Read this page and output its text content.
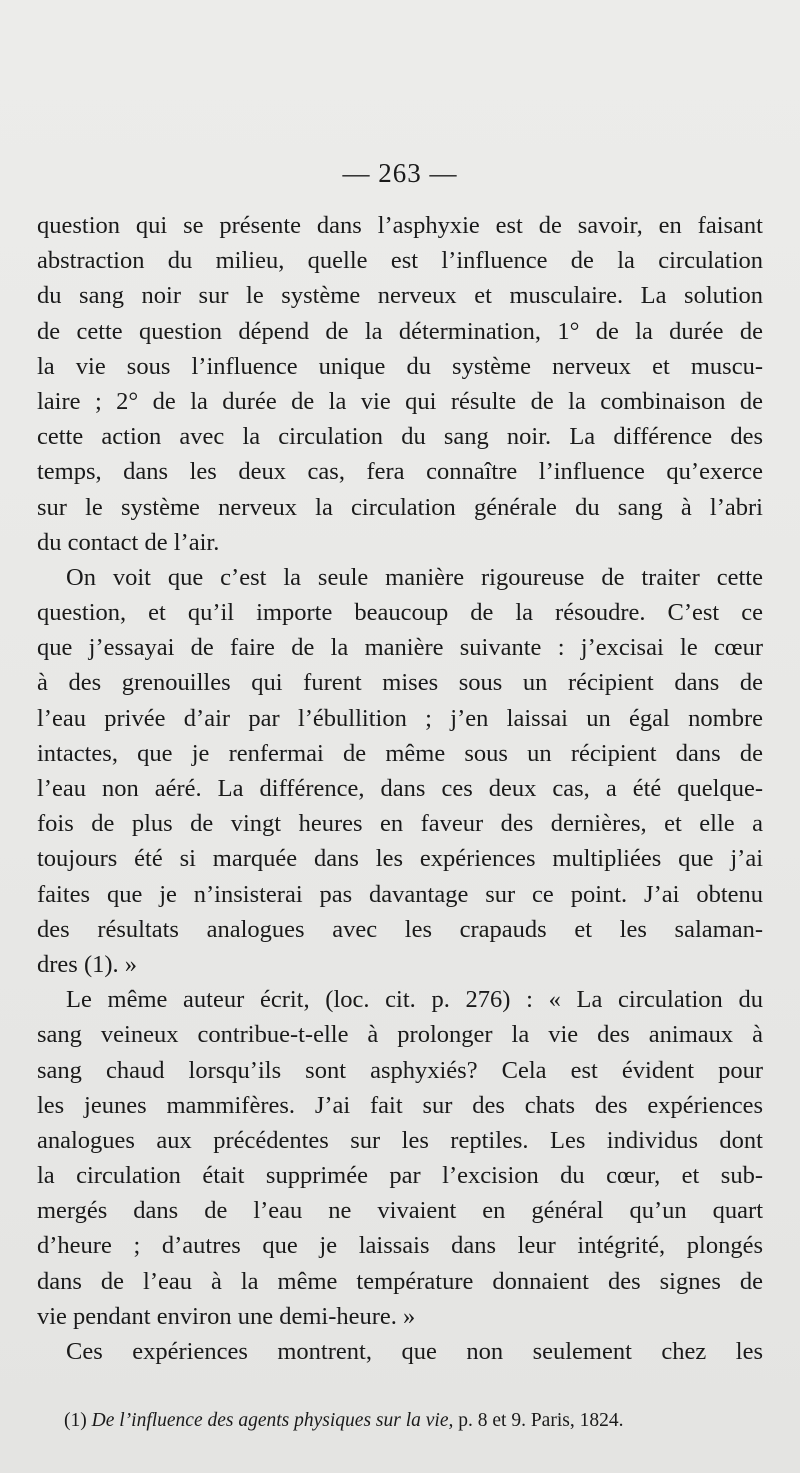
— 263 —
question qui se présente dans l’asphyxie est de savoir, en faisant
abstraction du milieu, quelle est l’influence de la circulation
du sang noir sur le système nerveux et musculaire. La solution
de cette question dépend de la détermination, 1° de la durée de
la vie sous l’influence unique du système nerveux et muscu-
laire ; 2° de la durée de la vie qui résulte de la combinaison de
cette action avec la circulation du sang noir. La différence des
temps, dans les deux cas, fera connaître l’influence qu’exerce
sur le système nerveux la circulation générale du sang à l’abri
du contact de l’air.
On voit que c’est la seule manière rigoureuse de traiter cette
question, et qu’il importe beaucoup de la résoudre. C’est ce
que j’essayai de faire de la manière suivante : j’excisai le cœur
à des grenouilles qui furent mises sous un récipient dans de
l’eau privée d’air par l’ébullition ; j’en laissai un égal nombre
intactes, que je renfermai de même sous un récipient dans de
l’eau non aéré. La différence, dans ces deux cas, a été quelque-
fois de plus de vingt heures en faveur des dernières, et elle a
toujours été si marquée dans les expériences multipliées que j’ai
faites que je n’insisterai pas davantage sur ce point. J’ai obtenu
des résultats analogues avec les crapauds et les salaman-
dres (1). »
Le même auteur écrit, (loc. cit. p. 276) : « La circulation du
sang veineux contribue-t-elle à prolonger la vie des animaux à
sang chaud lorsqu’ils sont asphyxiés? Cela est évident pour
les jeunes mammifères. J’ai fait sur des chats des expériences
analogues aux précédentes sur les reptiles. Les individus dont
la circulation était supprimée par l’excision du cœur, et sub-
mergés dans de l’eau ne vivaient en général qu’un quart
d’heure ; d’autres que je laissais dans leur intégrité, plongés
dans de l’eau à la même température donnaient des signes de
vie pendant environ une demi-heure. »
Ces expériences montrent, que non seulement chez les
(1) De l’influence des agents physiques sur la vie, p. 8 et 9. Paris, 1824.
